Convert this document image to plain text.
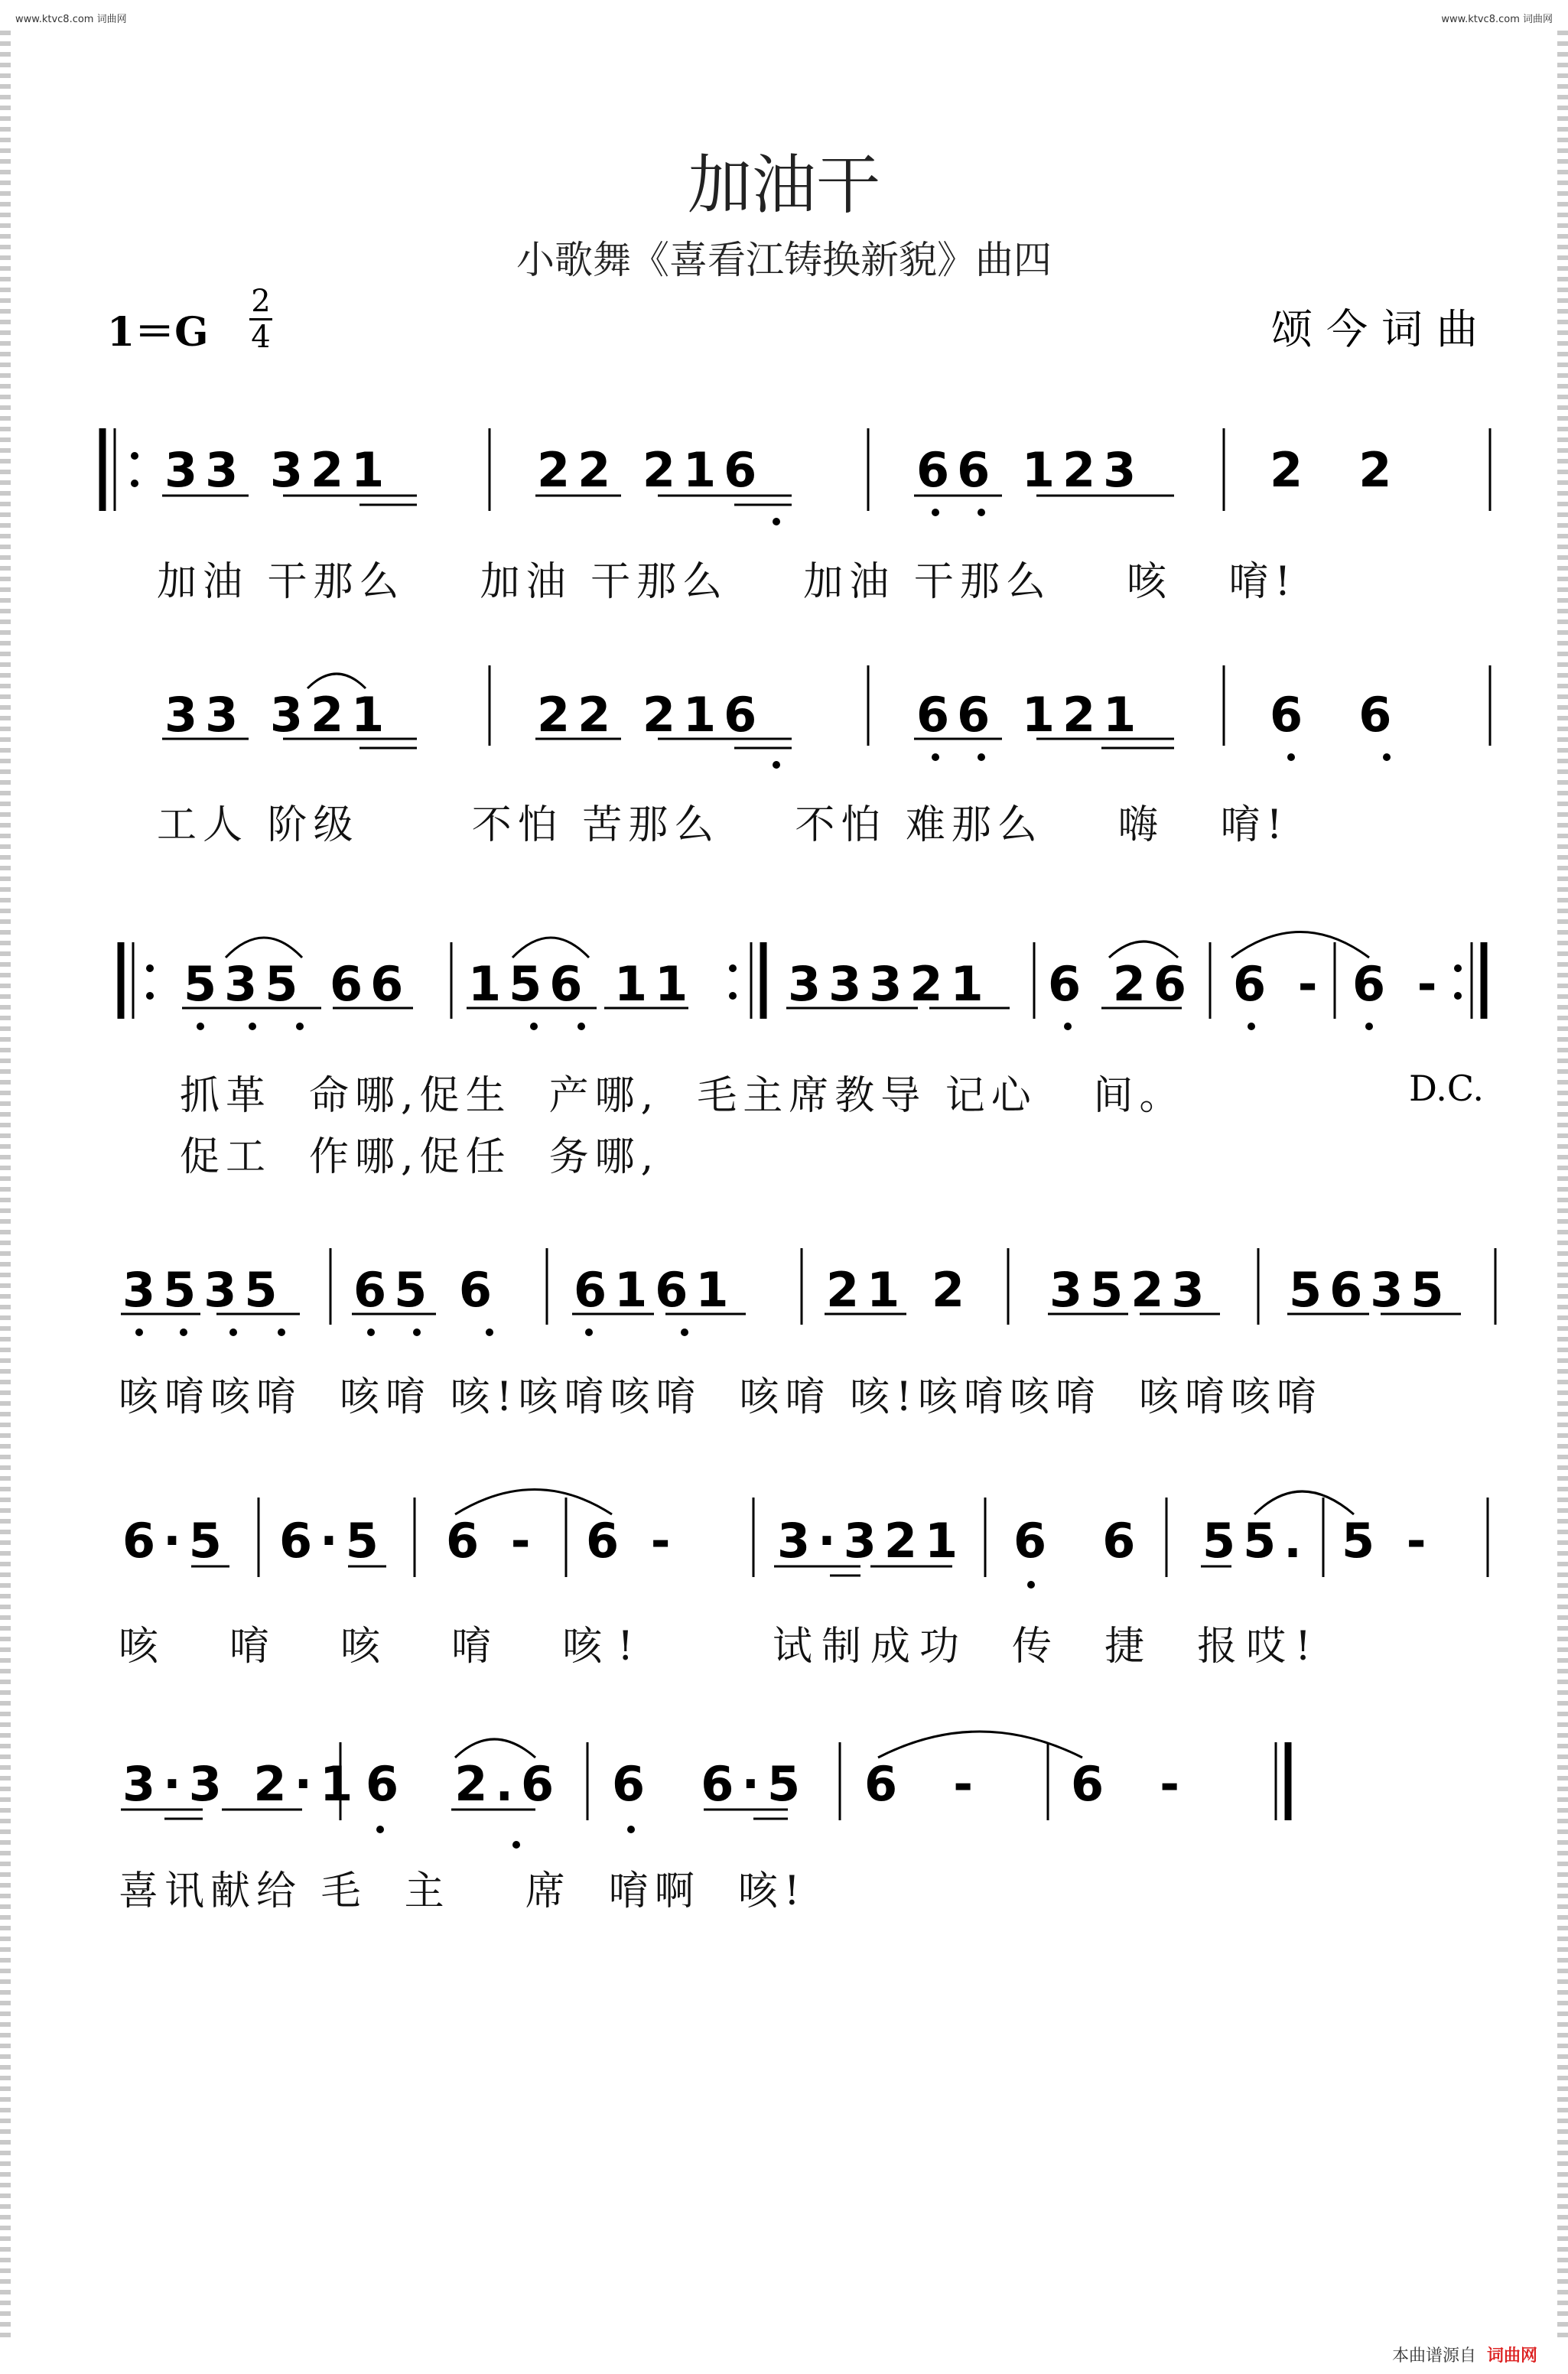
www.ktvc8.com 词曲网	www.ktvc8.com 词曲网
加油干
小歌舞《喜看江铸换新貌》曲四
1＝G
2
4	颂今词曲
33 321	22 216	66 123	2  2
加油 干那么    加油 干那么    加油 干那么    咳   唷!
33 321	22 216	66 121	6  6
工人 阶级      不怕 苦那么    不怕 难那么    嗨   唷!
535 66 156 11 33321 6 26 6 - 6 -
抓革  命哪,促生  产哪,  毛主席教导 记心   间。
促工  作哪,促任  务哪,
D.C.
3535 65 6 6161 21 2 3523 5635
咳唷咳唷  咳唷 咳!咳唷咳唷  咳唷 咳!咳唷咳唷  咳唷咳唷
6·5 6·5 6 - 6 - 3·321 6  6 55. 5 -
咳  唷  咳  唷  咳!	试制成功  传  捷  报哎!
3·3 2·1 6  2.6 6  6·5 6  - 6  -
喜讯献给 毛  主    席  唷啊  咳!
本曲谱源自 词曲网
